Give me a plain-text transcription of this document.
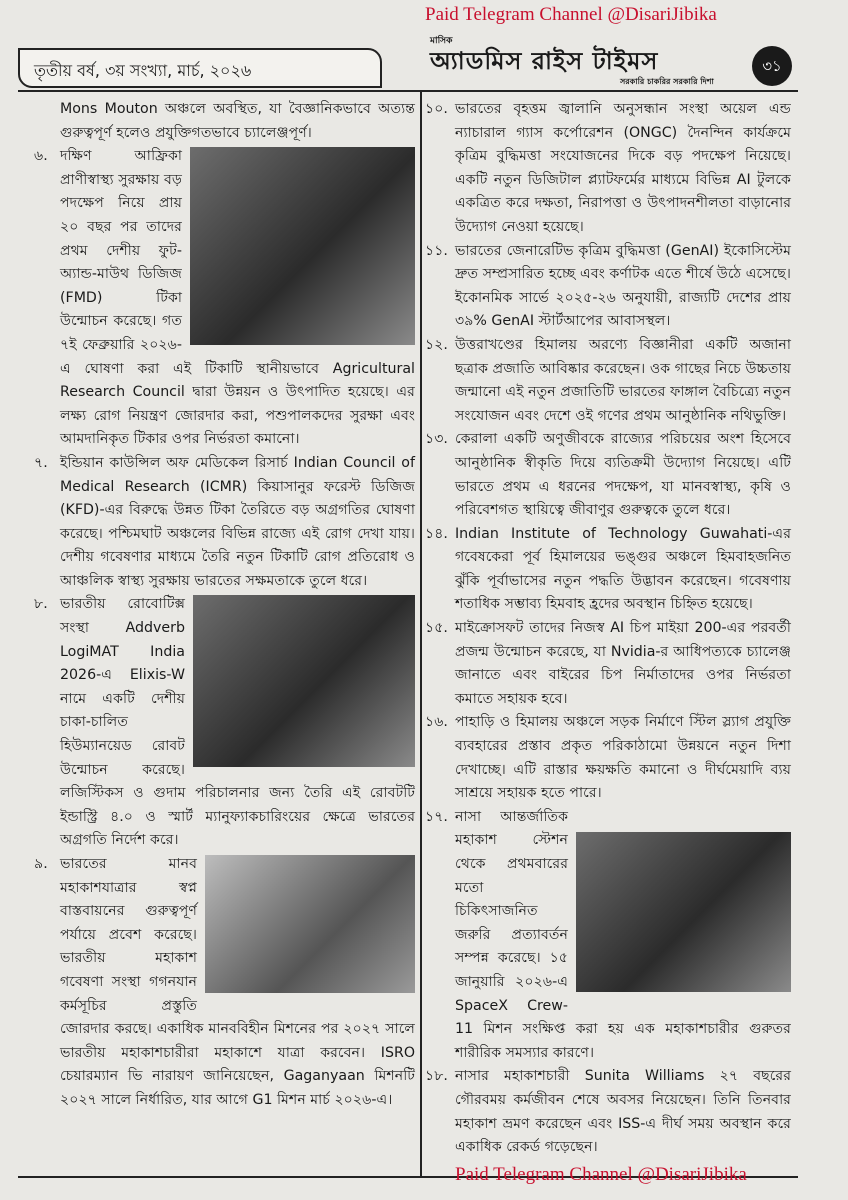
তৃতীয় বর্ষ, ৩য় সংখ্যা, মার্চ, ২০২৬
Paid Telegram Channel @DisariJibika
মাসিক
অ্যাডমিস রাইস টাইমস
সরকারি চাকরির সরকারি দিশা
৩১

Mons Mouton অঞ্চলে অবস্থিত, যা বৈজ্ঞানিকভাবে অত্যন্ত গুরুত্বপূর্ণ হলেও প্রযুক্তিগতভাবে চ্যালেঞ্জপূর্ণ।

৬. দক্ষিণ আফ্রিকা প্রাণীস্বাস্থ্য সুরক্ষায় বড় পদক্ষেপ নিয়ে প্রায় ২০ বছর পর তাদের প্রথম দেশীয় ফুট-অ্যান্ড-মাউথ ডিজিজ (FMD) টিকা উন্মোচন করেছে। গত ৭ই ফেব্রুয়ারি ২০২৬-এ ঘোষণা করা এই টিকাটি স্থানীয়ভাবে Agricultural Research Council দ্বারা উন্নয়ন ও উৎপাদিত হয়েছে। এর লক্ষ্য রোগ নিয়ন্ত্রণ জোরদার করা, পশুপালকদের সুরক্ষা এবং আমদানিকৃত টিকার ওপর নির্ভরতা কমানো।
৭. ইন্ডিয়ান কাউন্সিল অফ মেডিকেল রিসার্চ Indian Council of Medical Research (ICMR) কিয়াসানুর ফরেস্ট ডিজিজ (KFD)-এর বিরুদ্ধে উন্নত টিকা তৈরিতে বড় অগ্রগতির ঘোষণা করেছে। পশ্চিমঘাট অঞ্চলের বিভিন্ন রাজ্যে এই রোগ দেখা যায়। দেশীয় গবেষণার মাধ্যমে তৈরি নতুন টিকাটি রোগ প্রতিরোধ ও আঞ্চলিক স্বাস্থ্য সুরক্ষায় ভারতের সক্ষমতাকে তুলে ধরে।
৮. ভারতীয় রোবোটিক্স সংস্থা Addverb LogiMAT India 2026-এ Elixis-W নামে একটি দেশীয় চাকা-চালিত হিউম্যানয়েড রোবট উন্মোচন করেছে। লজিস্টিকস ও গুদাম পরিচালনার জন্য তৈরি এই রোবটটি ইন্ডাস্ট্রি ৪.০ ও স্মার্ট ম্যানুফ্যাকচারিংয়ের ক্ষেত্রে ভারতের অগ্রগতি নির্দেশ করে।
৯. ভারতের মানব মহাকাশযাত্রার স্বপ্ন বাস্তবায়নের গুরুত্বপূর্ণ পর্যায়ে প্রবেশ করেছে। ভারতীয় মহাকাশ গবেষণা সংস্থা গগনযান কর্মসূচির প্রস্তুতি জোরদার করছে। একাধিক মানববিহীন মিশনের পর ২০২৭ সালে ভারতীয় মহাকাশচারীরা মহাকাশে যাত্রা করবেন। ISRO চেয়ারম্যান ভি নারায়ণ জানিয়েছেন, Gaganyaan মিশনটি ২০২৭ সালে নির্ধারিত, যার আগে G1 মিশন মার্চ ২০২৬-এ।
১০. ভারতের বৃহত্তম জ্বালানি অনুসন্ধান সংস্থা অয়েল এন্ড ন্যাচারাল গ্যাস কর্পোরেশন (ONGC) দৈনন্দিন কার্যক্রমে কৃত্রিম বুদ্ধিমত্তা সংযোজনের দিকে বড় পদক্ষেপ নিয়েছে। একটি নতুন ডিজিটাল প্ল্যাটফর্মের মাধ্যমে বিভিন্ন AI টুলকে একত্রিত করে দক্ষতা, নিরাপত্তা ও উৎপাদনশীলতা বাড়ানোর উদ্যোগ নেওয়া হয়েছে।
১১. ভারতের জেনারেটিভ কৃত্রিম বুদ্ধিমত্তা (GenAI) ইকোসিস্টেম দ্রুত সম্প্রসারিত হচ্ছে এবং কর্ণাটক এতে শীর্ষে উঠে এসেছে। ইকোনমিক সার্ভে ২০২৫-২৬ অনুযায়ী, রাজ্যটি দেশের প্রায় ৩৯% GenAI স্টার্টআপের আবাসস্থল।
১২. উত্তরাখণ্ডের হিমালয় অরণ্যে বিজ্ঞানীরা একটি অজানা ছত্রাক প্রজাতি আবিষ্কার করেছেন। ওক গাছের নিচে উচ্চতায় জন্মানো এই নতুন প্রজাতিটি ভারতের ফাঙ্গাল বৈচিত্র্যে নতুন সংযোজন এবং দেশে ওই গণের প্রথম আনুষ্ঠানিক নথিভুক্তি।
১৩. কেরালা একটি অণুজীবকে রাজ্যের পরিচয়ের অংশ হিসেবে আনুষ্ঠানিক স্বীকৃতি দিয়ে ব্যতিক্রমী উদ্যোগ নিয়েছে। এটি ভারতে প্রথম এ ধরনের পদক্ষেপ, যা মানবস্বাস্থ্য, কৃষি ও পরিবেশগত স্থায়িত্বে জীবাণুর গুরুত্বকে তুলে ধরে।
১৪. Indian Institute of Technology Guwahati-এর গবেষকেরা পূর্ব হিমালয়ের ভঙ্গুর অঞ্চলে হিমবাহজনিত ঝুঁকি পূর্বাভাসের নতুন পদ্ধতি উদ্ভাবন করেছেন। গবেষণায় শতাধিক সম্ভাব্য হিমবাহ হ্রদের অবস্থান চিহ্নিত হয়েছে।
১৫. মাইক্রোসফট তাদের নিজস্ব AI চিপ মাইয়া 200-এর পরবর্তী প্রজন্ম উন্মোচন করেছে, যা Nvidia-র আধিপত্যকে চ্যালেঞ্জ জানাতে এবং বাইরের চিপ নির্মাতাদের ওপর নির্ভরতা কমাতে সহায়ক হবে।
১৬. পাহাড়ি ও হিমালয় অঞ্চলে সড়ক নির্মাণে স্টিল স্ল্যাগ প্রযুক্তি ব্যবহারের প্রস্তাব প্রকৃত পরিকাঠামো উন্নয়নে নতুন দিশা দেখাচ্ছে। এটি রাস্তার ক্ষয়ক্ষতি কমানো ও দীর্ঘমেয়াদি ব্যয় সাশ্রয়ে সহায়ক হতে পারে।
১৭. নাসা আন্তর্জাতিক মহাকাশ স্টেশন থেকে প্রথমবারের মতো চিকিৎসাজনিত জরুরি প্রত্যাবর্তন সম্পন্ন করেছে। ১৫ জানুয়ারি ২০২৬-এ SpaceX Crew-11 মিশন সংক্ষিপ্ত করা হয় এক মহাকাশচারীর গুরুতর শারীরিক সমস্যার কারণে।
১৮. নাসার মহাকাশচারী Sunita Williams ২৭ বছরের গৌরবময় কর্মজীবন শেষে অবসর নিয়েছেন। তিনি তিনবার মহাকাশ ভ্রমণ করেছেন এবং ISS-এ দীর্ঘ সময় অবস্থান করে একাধিক রেকর্ড গড়েছেন।
Paid Telegram Channel @DisariJibika
